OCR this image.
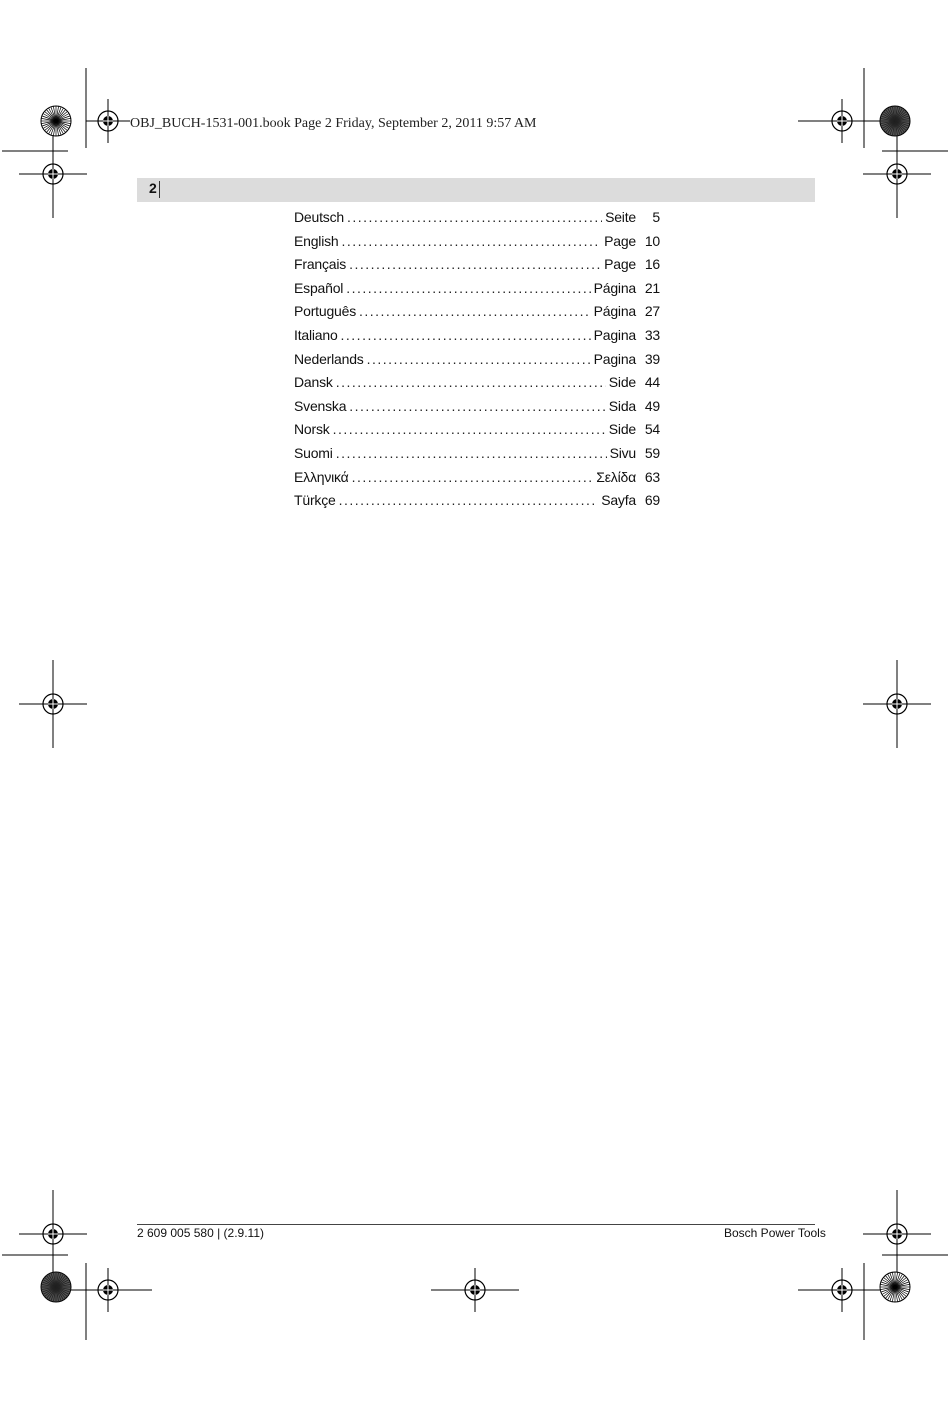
OBJ_BUCH-1531-001.book Page 2 Friday, September 2, 2011 9:57 AM
2
Deutsch . . .	Seite	5
English . . .	Page 10
Français . . .	Page 16
Español . . .	Página 21
Português . . .	Página 27
Italiano . . .	Pagina 33
Nederlands . . .	Pagina 39
Dansk . . .	Side 44
Svenska . . .	Sida 49
Norsk . . .	Side 54
Suomi . . .	Sivu 59
Ελληνικά . . .	Σελίδα 63
Türkçe . . .	Sayfa 69
2 609 005 580 | (2.9.11)	Bosch Power Tools
